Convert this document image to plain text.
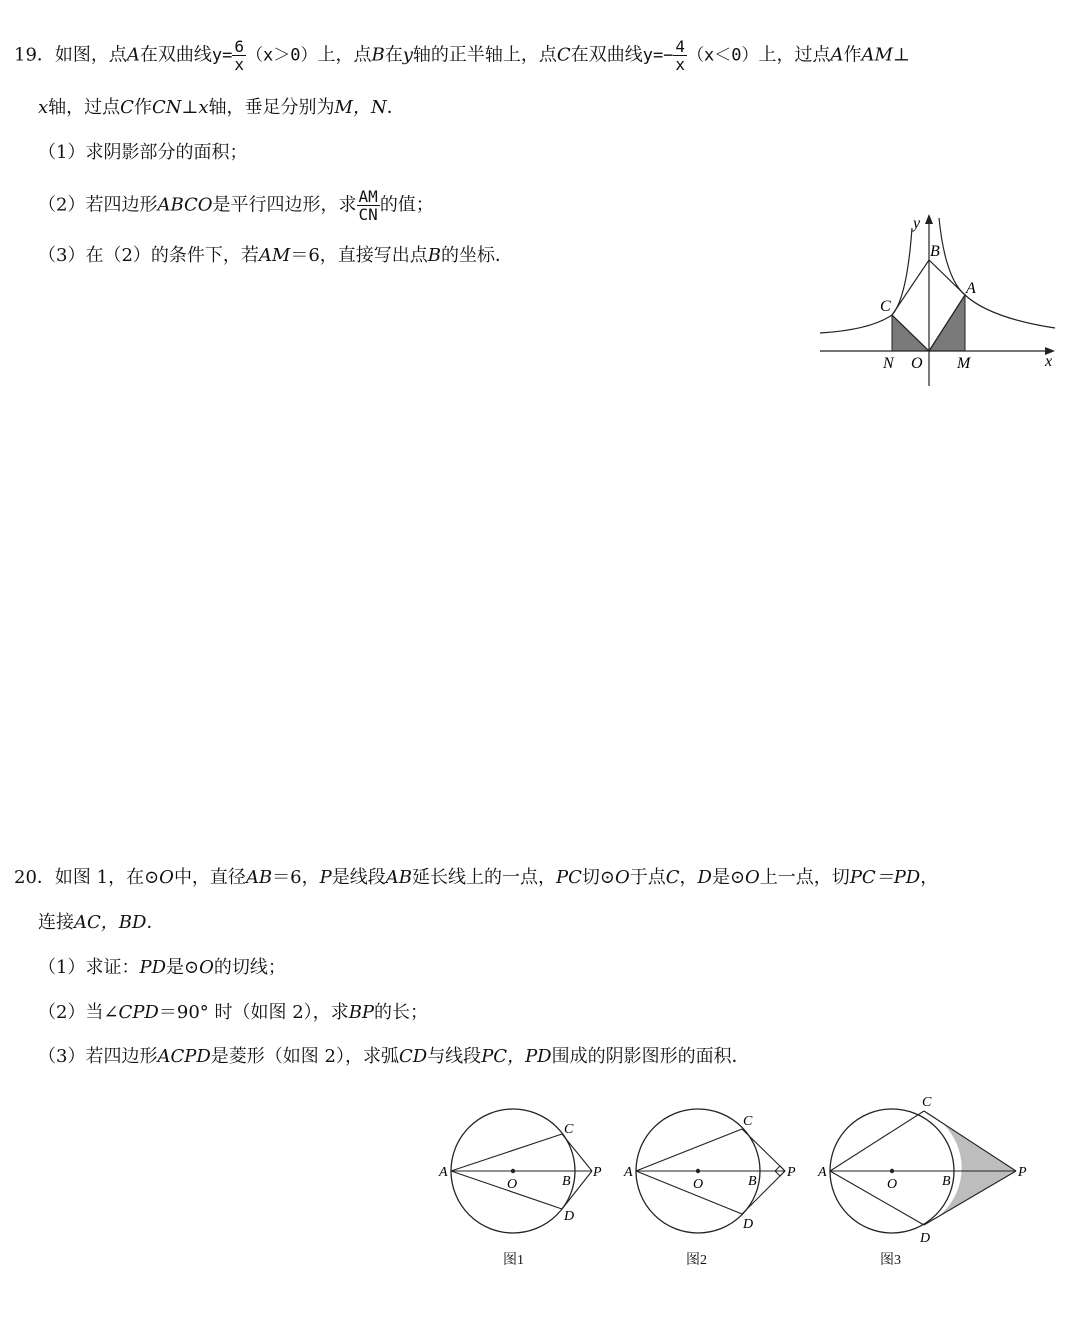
19．如图，点A在双曲线$y= \frac{6}{x} (x>0)$上，点B在y轴的正半轴上，点C在双曲线$y=- \frac{4}{x} (x<0)$上，过点A作AM⊥
x轴，过点C作CN⊥x轴，垂足分别为M，N．
（1）求阴影部分的面积；
（2）若四边形ABCO是平行四边形，求 $\frac{AM}{CN}$ 的值；
（3）在（2）的条件下，若AM＝6，直接写出点B的坐标．
y
x
B
A
C
N O M
20．如图 1，在⊙O中，直径AB＝6，P是线段AB延长线上的一点，PC切⊙O于点C，D是⊙O上一点，切PC＝PD，
连接AC，BD．
（1）求证：PD是⊙O的切线；
（2）当∠CPD＝90° 时（如图 2），求BP的长；
（3）若四边形ACPD是菱形（如图 2），求弧CD与线段PC，PD围成的阴影图形的面积．
A
O	B
P
C
D
图1
A
O	B
P
C
D
图2
A
O	B
P
C
D
图3
